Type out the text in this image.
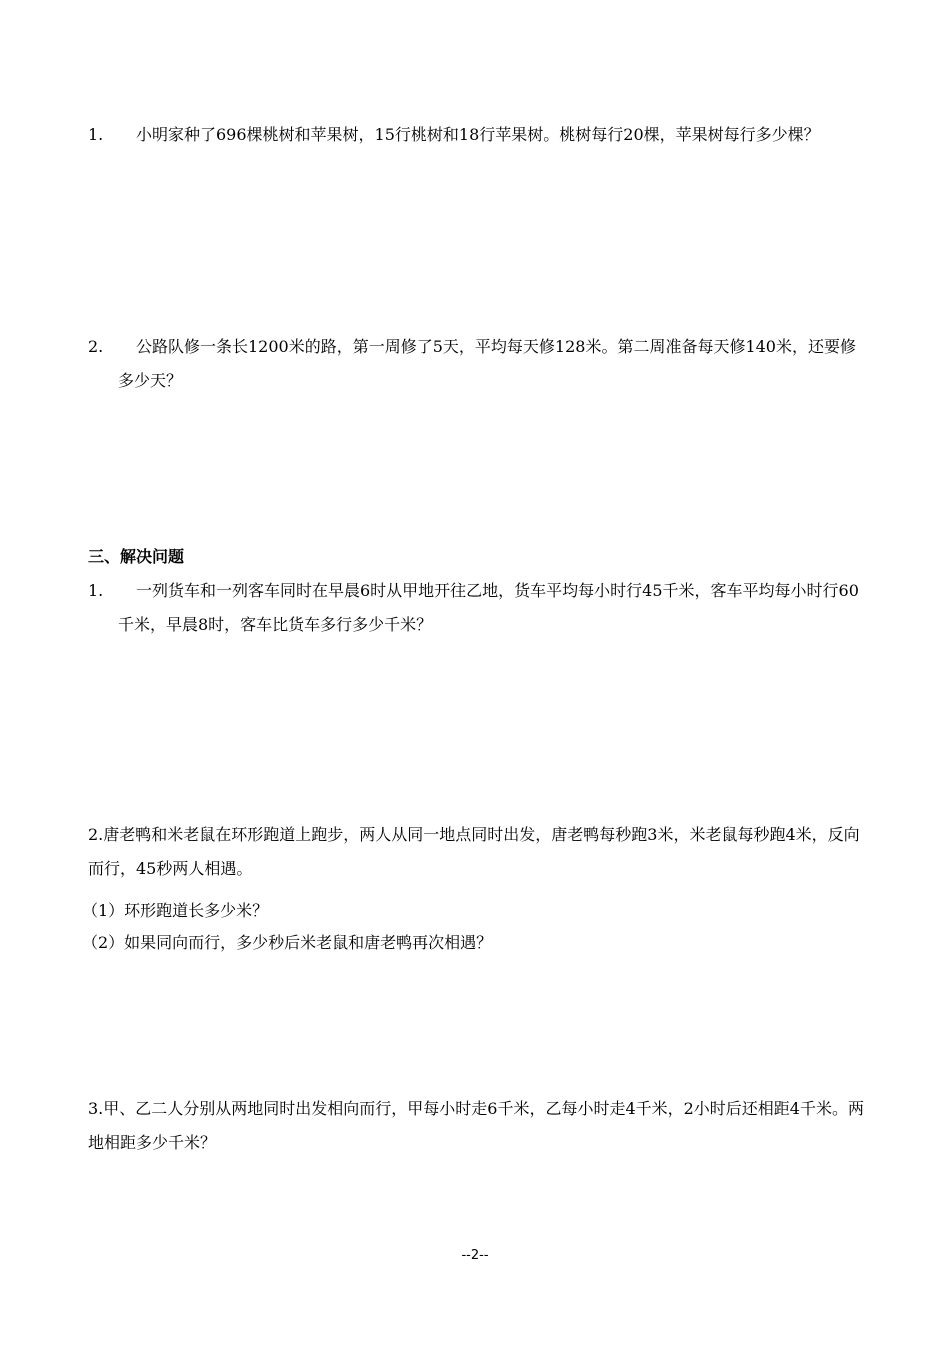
1.	小明家种了696棵桃树和苹果树，15行桃树和18行苹果树。桃树每行20棵，苹果树每行多少棵？
2.	公路队修一条长1200米的路，第一周修了5天，平均每天修128米。第二周准备每天修140米，还要修多少天？
三、解决问题
1.	一列货车和一列客车同时在早晨6时从甲地开往乙地，货车平均每小时行45千米，客车平均每小时行60千米，早晨8时，客车比货车多行多少千米？
2.唐老鸭和米老鼠在环形跑道上跑步，两人从同一地点同时出发，唐老鸭每秒跑3米，米老鼠每秒跑4米，反向而行，45秒两人相遇。
（1）环形跑道长多少米？
（2）如果同向而行，多少秒后米老鼠和唐老鸭再次相遇？
3.甲、乙二人分别从两地同时出发相向而行，甲每小时走6千米，乙每小时走4千米，2小时后还相距4千米。两地相距多少千米？
--2--
